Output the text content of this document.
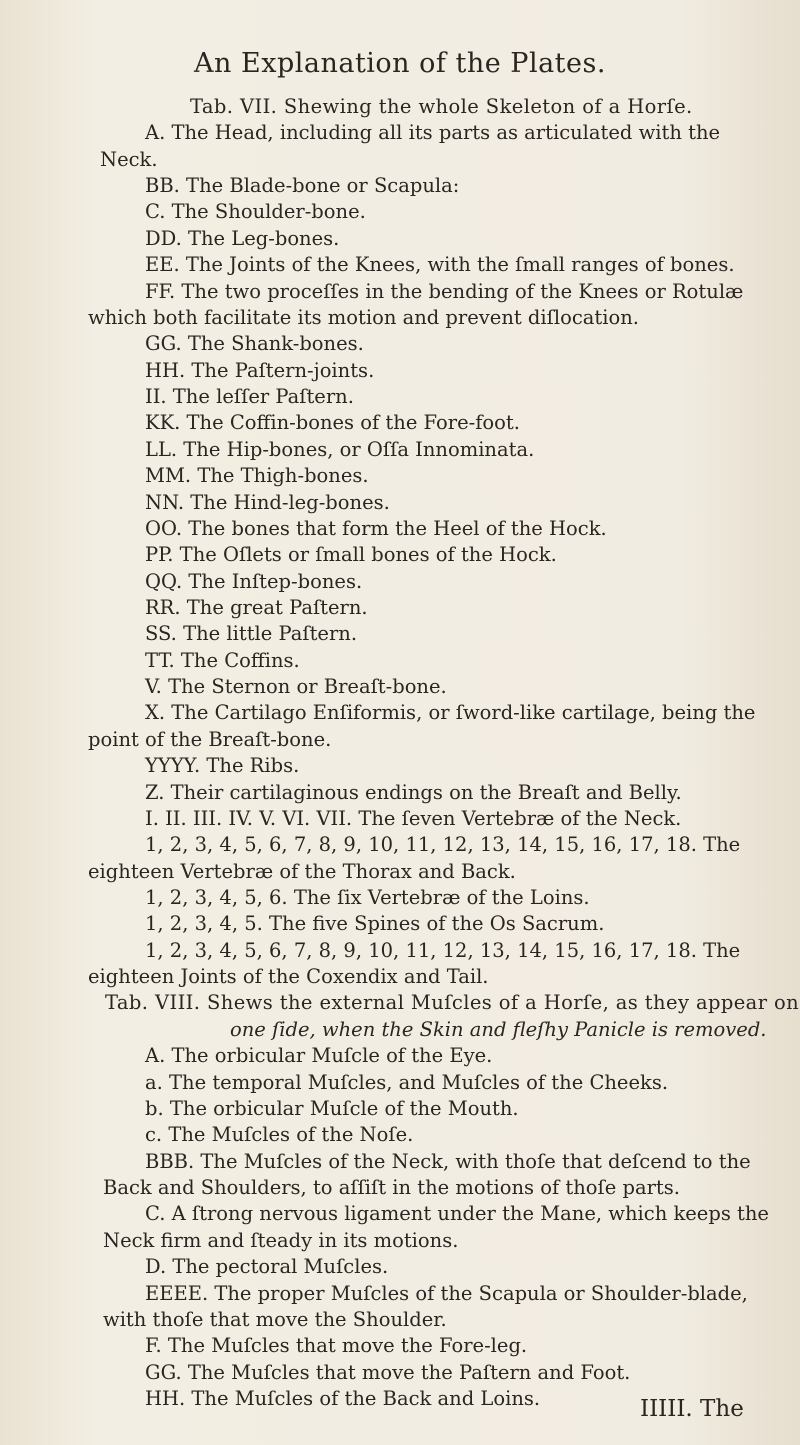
An Explanation of the Plates.
Tab. VII. Shewing the whole Skeleton of a Horſe.
A. The Head, including all its parts as articulated with the
Neck.
BB. The Blade-bone or Scapula:
C. The Shoulder-bone.
DD. The Leg-bones.
EE. The Joints of the Knees, with the ſmall ranges of bones.
FF. The two proceſſes in the bending of the Knees or Rotulæ
which both facilitate its motion and prevent diſlocation.
GG. The Shank-bones.
HH. The Paſtern-joints.
II. The leſſer Paſtern.
KK. The Coffin-bones of the Fore-foot.
LL. The Hip-bones, or Oſſa Innominata.
MM. The Thigh-bones.
NN. The Hind-leg-bones.
OO. The bones that form the Heel of the Hock.
PP. The Oſlets or ſmall bones of the Hock.
QQ. The Inſtep-bones.
RR. The great Paſtern.
SS. The little Paſtern.
TT. The Coffins.
V. The Sternon or Breaſt-bone.
X. The Cartilago Enſiformis, or ſword-like cartilage, being the
point of the Breaſt-bone.
YYYY. The Ribs.
Z. Their cartilaginous endings on the Breaſt and Belly.
I. II. III. IV. V. VI. VII. The ſeven Vertebræ of the Neck.
1, 2, 3, 4, 5, 6, 7, 8, 9, 10, 11, 12, 13, 14, 15, 16, 17, 18. The
eighteen Vertebræ of the Thorax and Back.
1, 2, 3, 4, 5, 6. The ſix Vertebræ of the Loins.
1, 2, 3, 4, 5. The five Spines of the Os Sacrum.
1, 2, 3, 4, 5, 6, 7, 8, 9, 10, 11, 12, 13, 14, 15, 16, 17, 18. The
eighteen Joints of the Coxendix and Tail.
Tab. VIII. Shews the external Muſcles of a Horſe, as they appear on
one ſide, when the Skin and fleſhy Panicle is removed.
A. The orbicular Muſcle of the Eye.
a. The temporal Muſcles, and Muſcles of the Cheeks.
b. The orbicular Muſcle of the Mouth.
c. The Muſcles of the Noſe.
BBB. The Muſcles of the Neck, with thoſe that deſcend to the
Back and Shoulders, to aſſiſt in the motions of thoſe parts.
C. A ſtrong nervous ligament under the Mane, which keeps the
Neck firm and ſteady in its motions.
D. The pectoral Muſcles.
EEEE. The proper Muſcles of the Scapula or Shoulder-blade,
with thoſe that move the Shoulder.
F. The Muſcles that move the Fore-leg.
GG. The Muſcles that move the Paſtern and Foot.
HH. The Muſcles of the Back and Loins.	IIIII. The
